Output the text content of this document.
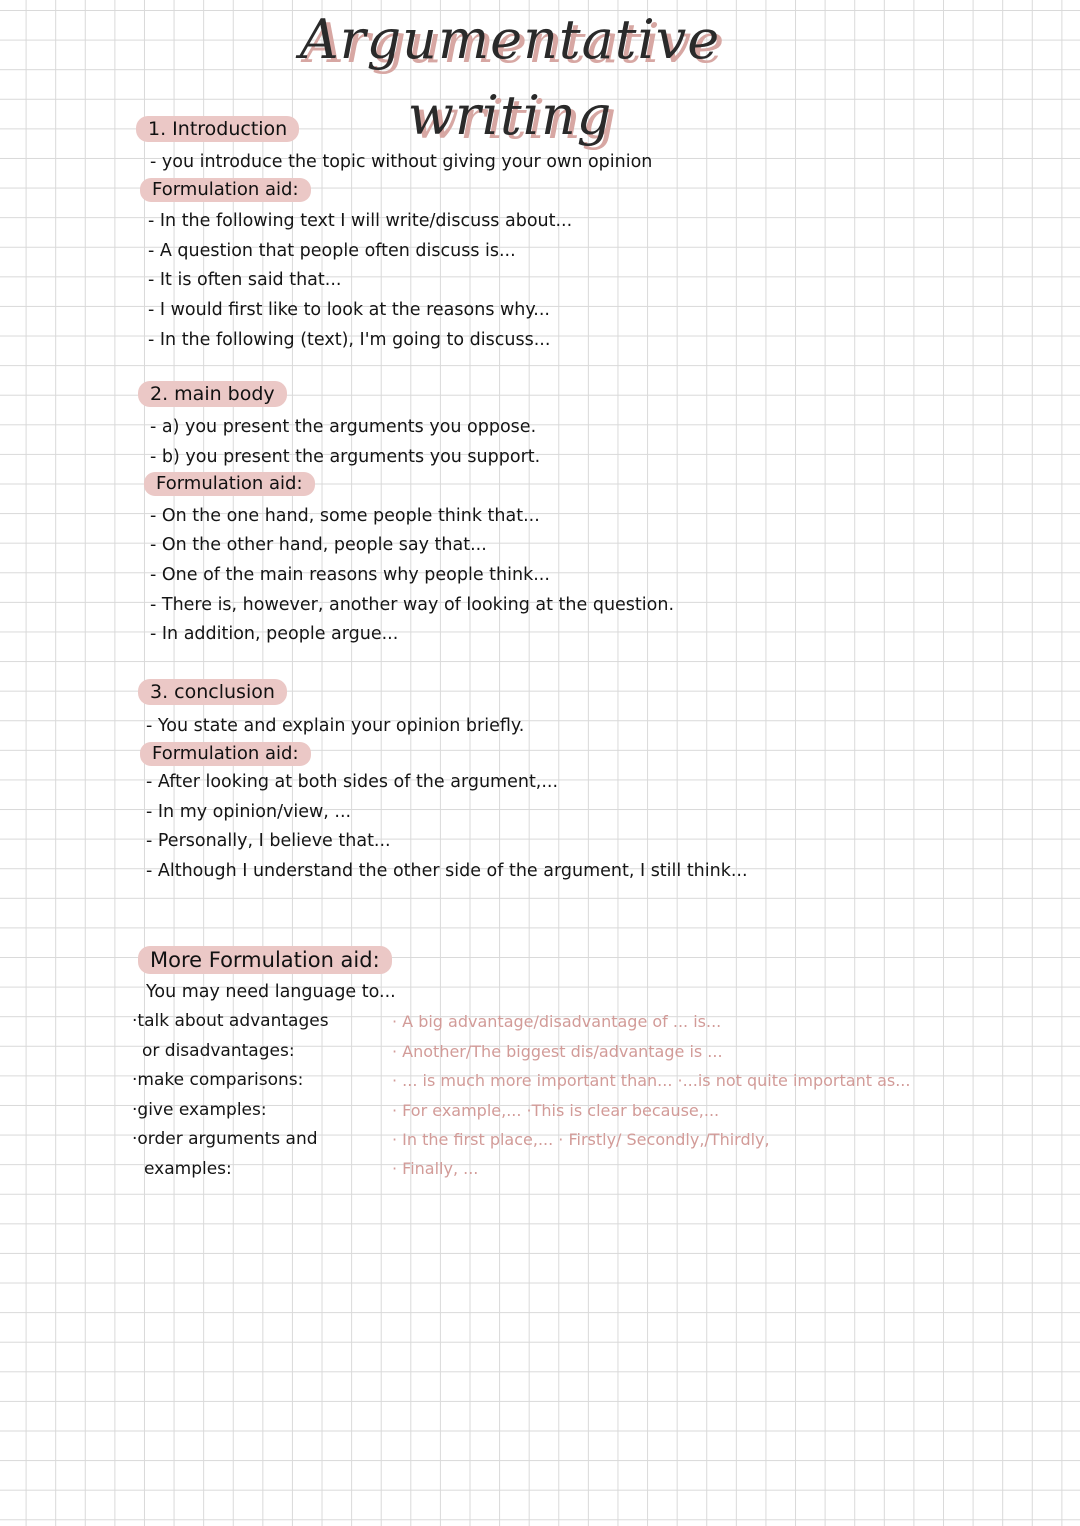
Argumentative writing
1. Introduction
- you introduce the topic without giving your own opinion
Formulation aid:
- In the following text I will write/discuss about...
- A question that people often discuss is...
- It is often said that...
- I would first like to look at the reasons why...
- In the following (text), I'm going to discuss...
2. main body
- a) you present the arguments you oppose.
- b) you present the arguments you support.
Formulation aid:
- On the one hand, some people think that...
- On the other hand, people say that...
- One of the main reasons why people think...
- There is, however, another way of looking at the question.
- In addition, people argue...
3. conclusion
- You state and explain your opinion briefly.
Formulation aid:
- After looking at both sides of the argument,...
- In my opinion/view, ...
- Personally, I believe that...
- Although I understand the other side of the argument, I still think...
More Formulation aid:
You may need language to...
·talk about advantages
or disadvantages:
·make comparisons:
·give examples:
·order arguments and
examples:
· A big advantage/disadvantage of ... is...
· Another/The biggest dis/advantage is ...
· ... is much more important than... ·...is not quite important as...
· For example,... ·This is clear because,...
· In the first place,... · Firstly/ Secondly,/Thirdly,
· Finally, ...
